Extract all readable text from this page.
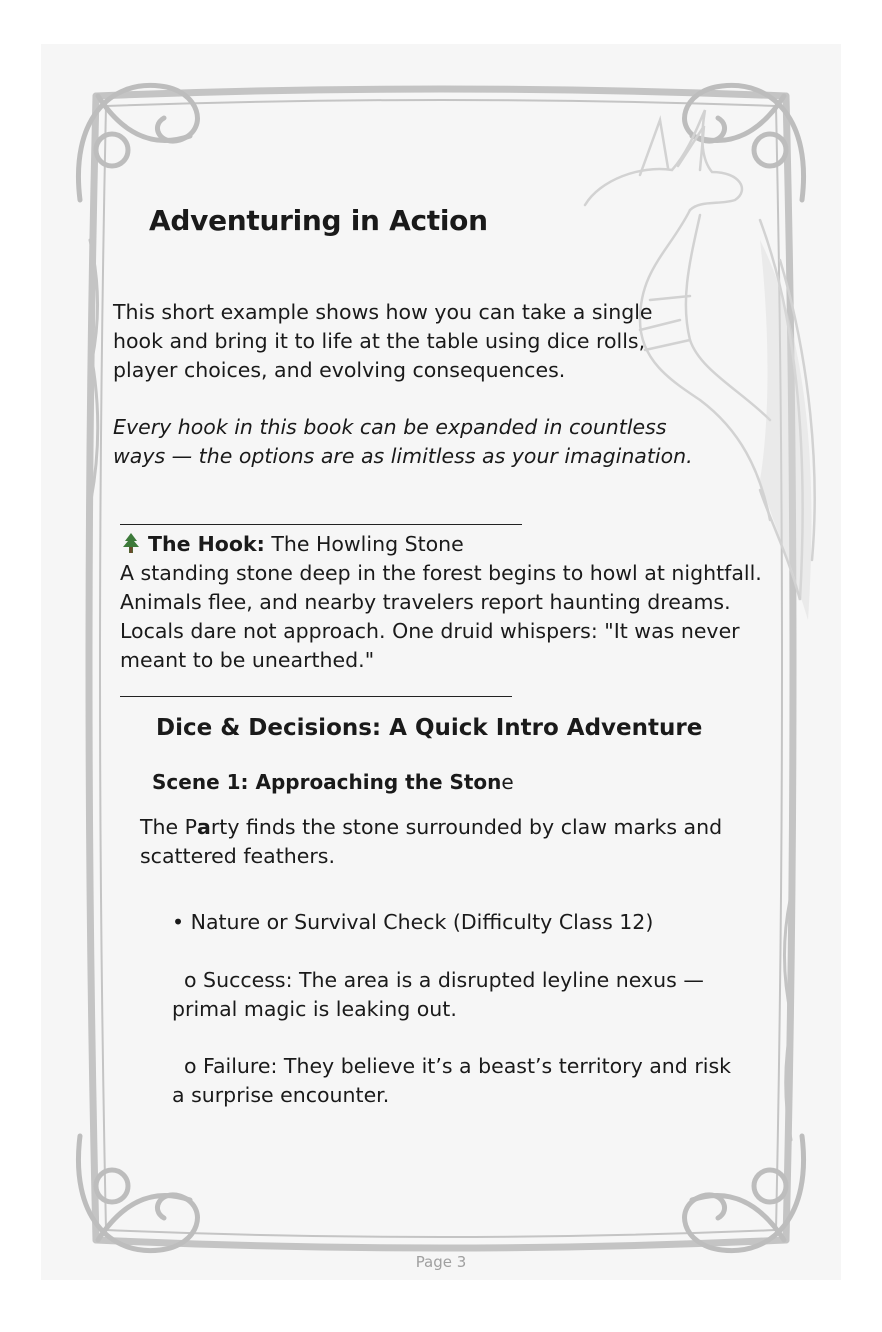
Adventuring in Action

This short example shows how you can take a single hook and bring it to life at the table using dice rolls, player choices, and evolving consequences.

Every hook in this book can be expanded in countless ways — the options are as limitless as your imagination.

The Hook: The Howling Stone
A standing stone deep in the forest begins to howl at nightfall. Animals flee, and nearby travelers report haunting dreams. Locals dare not approach. One druid whispers: "It was never meant to be unearthed."

Dice & Decisions: A Quick Intro Adventure
Scene 1: Approaching the Stone

The Party finds the stone surrounded by claw marks and scattered feathers.

• Nature or Survival Check (Difficulty Class 12)

o Success: The area is a disrupted leyline nexus — primal magic is leaking out.

o Failure: They believe it’s a beast’s territory and risk a surprise encounter.

Page 3
